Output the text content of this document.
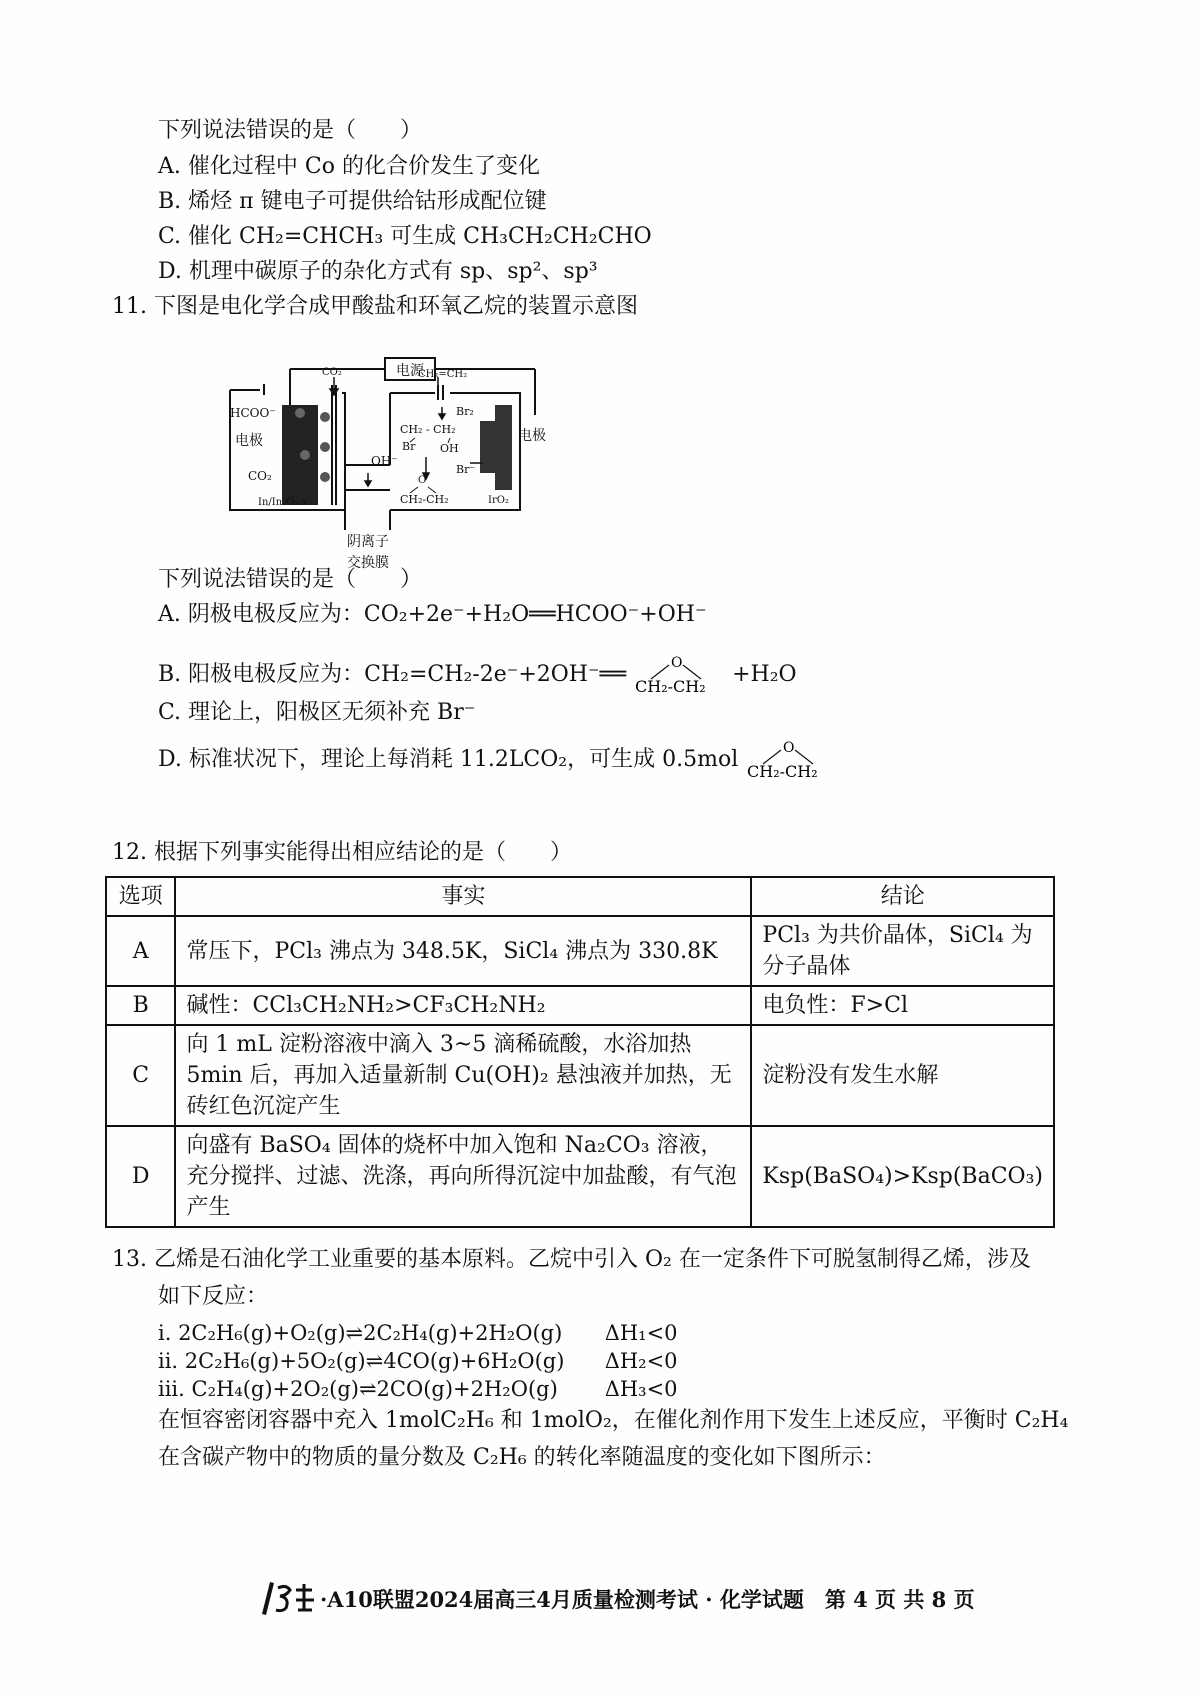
下列说法错误的是（　　）
A. 催化过程中 Co 的化合价发生了变化
B. 烯烃 π 键电子可提供给钴形成配位键
C. 催化 CH₂=CHCH₃ 可生成 CH₃CH₂CH₂CHO
D. 机理中碳原子的杂化方式有 sp、sp²、sp³
11. 下图是电化学合成甲酸盐和环氧乙烷的装置示意图
电源
CO₂	CH₂=CH₂
HCOO⁻
电极
CO₂
In/In₂O₃-x
OH⁻
Br₂
CH₂ - CH₂
Br OH
Br⁻
O
CH₂-CH₂
电极
IrO₂
阴离子
交换膜
下列说法错误的是（　　）
A. 阴极电极反应为：CO₂+2e⁻+H₂O══HCOO⁻+OH⁻
B. 阳极电极反应为：CH₂=CH₂-2e⁻+2OH⁻══	O
CH₂-CH₂ +H₂O
C. 理论上，阳极区无须补充 Br⁻
D. 标准状况下，理论上每消耗 11.2LCO₂，可生成 0.5mol	O
CH₂-CH₂
12. 根据下列事实能得出相应结论的是（　　）
选项	事实	结论
A	常压下，PCl₃ 沸点为 348.5K，SiCl₄ 沸点为 330.8K	PCl₃ 为共价晶体，SiCl₄ 为分子晶体
B	碱性：CCl₃CH₂NH₂>CF₃CH₂NH₂	电负性：F>Cl
C	向 1 mL 淀粉溶液中滴入 3~5 滴稀硫酸，水浴加热 5min 后，再加入适量新制 Cu(OH)₂ 悬浊液并加热，无砖红色沉淀产生	淀粉没有发生水解
D	向盛有 BaSO₄ 固体的烧杯中加入饱和 Na₂CO₃ 溶液，充分搅拌、过滤、洗涤，再向所得沉淀中加盐酸，有气泡产生	Ksp(BaSO₄)>Ksp(BaCO₃)
13. 乙烯是石油化学工业重要的基本原料。乙烷中引入 O₂ 在一定条件下可脱氢制得乙烯，涉及
如下反应：
i. 2C₂H₆(g)+O₂(g)⇌2C₂H₄(g)+2H₂O(g) ΔH₁<0
ii. 2C₂H₆(g)+5O₂(g)⇌4CO(g)+6H₂O(g) ΔH₂<0
iii. C₂H₄(g)+2O₂(g)⇌2CO(g)+2H₂O(g) ΔH₃<0
在恒容密闭容器中充入 1molC₂H₆ 和 1molO₂，在催化剂作用下发生上述反应，平衡时 C₂H₄
在含碳产物中的物质的量分数及 C₂H₆ 的转化率随温度的变化如下图所示：
·A10联盟2024届高三4月质量检测考试 · 化学试题　第 4 页 共 8 页
